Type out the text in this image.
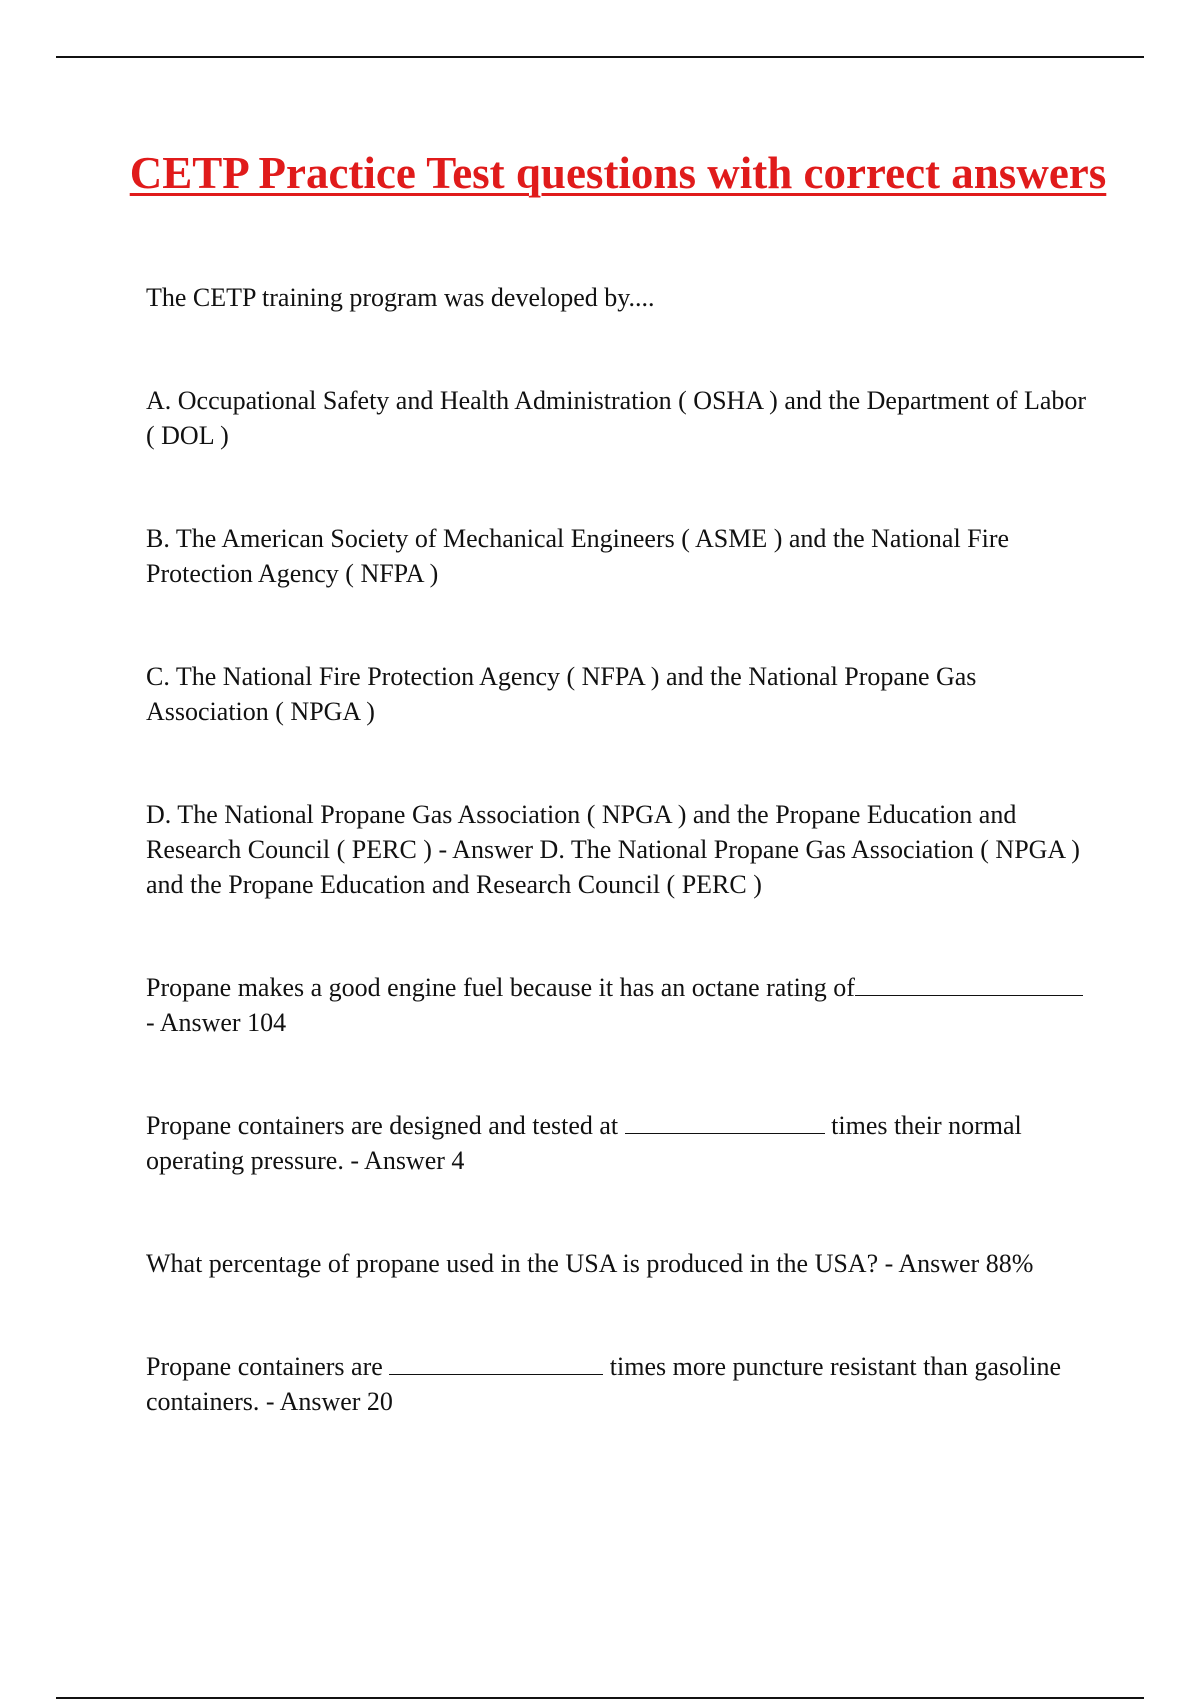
CETP Practice Test questions with correct answers

The CETP training program was developed by....

A. Occupational Safety and Health Administration ( OSHA ) and the Department of Labor ( DOL )

B. The American Society of Mechanical Engineers ( ASME ) and the National Fire Protection Agency ( NFPA )

C. The National Fire Protection Agency ( NFPA ) and the National Propane Gas Association ( NPGA )

D. The National Propane Gas Association ( NPGA ) and the Propane Education and Research Council ( PERC ) - Answer D. The National Propane Gas Association ( NPGA ) and the Propane Education and Research Council ( PERC )

Propane makes a good engine fuel because it has an octane rating of - Answer 104

Propane containers are designed and tested at	times their normal operating pressure. - Answer 4

What percentage of propane used in the USA is produced in the USA? - Answer 88%

Propane containers are	times more puncture resistant than gasoline containers. - Answer 20
